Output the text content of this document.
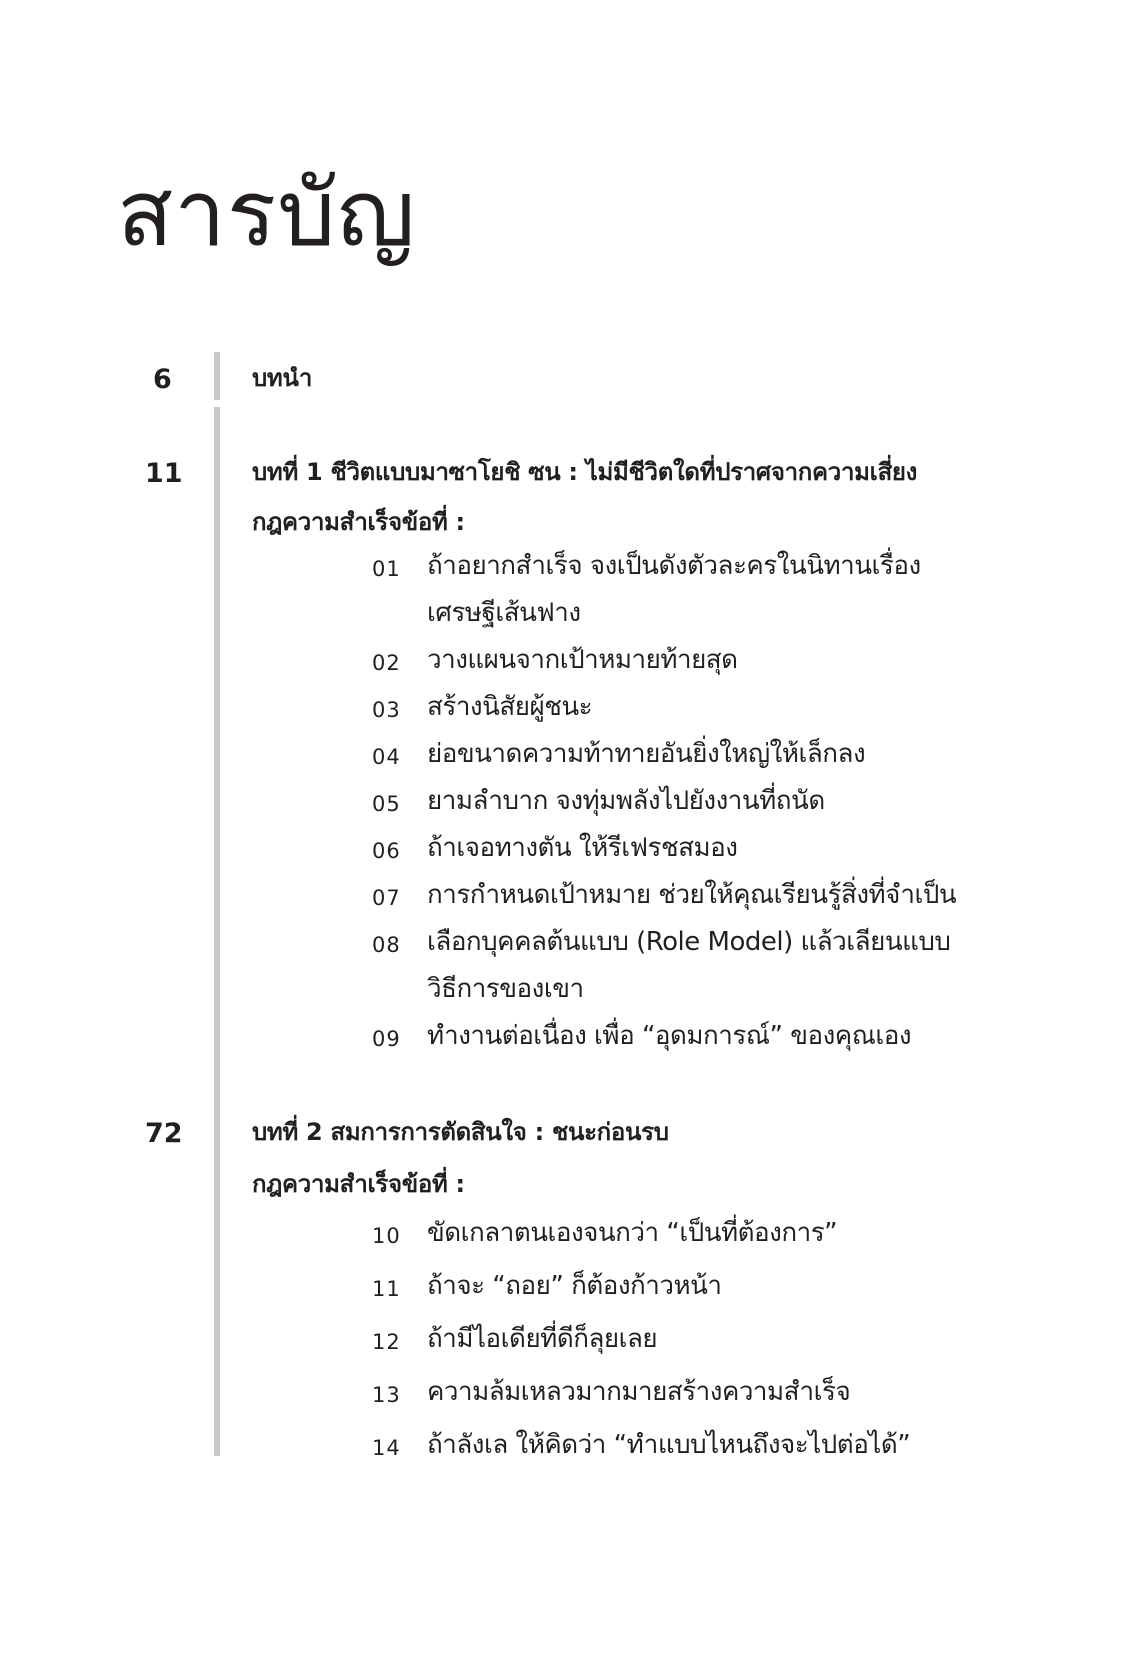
สารบัญ
6	บทนำ
11	บทที่ 1 ชีวิตแบบมาซาโยชิ ซน : ไม่มีชีวิตใดที่ปราศจากความเสี่ยง
กฎความสำเร็จข้อที่ :
01 ถ้าอยากสำเร็จ จงเป็นดังตัวละครในนิทานเรื่อง
เศรษฐีเส้นฟาง
02 วางแผนจากเป้าหมายท้ายสุด
03 สร้างนิสัยผู้ชนะ
04 ย่อขนาดความท้าทายอันยิ่งใหญ่ให้เล็กลง
05 ยามลำบาก จงทุ่มพลังไปยังงานที่ถนัด
06 ถ้าเจอทางตัน ให้รีเฟรชสมอง
07 การกำหนดเป้าหมาย ช่วยให้คุณเรียนรู้สิ่งที่จำเป็น
08 เลือกบุคคลต้นแบบ (Role Model) แล้วเลียนแบบ
วิธีการของเขา
09 ทำงานต่อเนื่อง เพื่อ “อุดมการณ์” ของคุณเอง
72	บทที่ 2 สมการการตัดสินใจ : ชนะก่อนรบ
กฎความสำเร็จข้อที่ :
10 ขัดเกลาตนเองจนกว่า “เป็นที่ต้องการ”
11 ถ้าจะ “ถอย” ก็ต้องก้าวหน้า
12 ถ้ามีไอเดียที่ดีก็ลุยเลย
13 ความล้มเหลวมากมายสร้างความสำเร็จ
14 ถ้าลังเล ให้คิดว่า “ทำแบบไหนถึงจะไปต่อได้”
